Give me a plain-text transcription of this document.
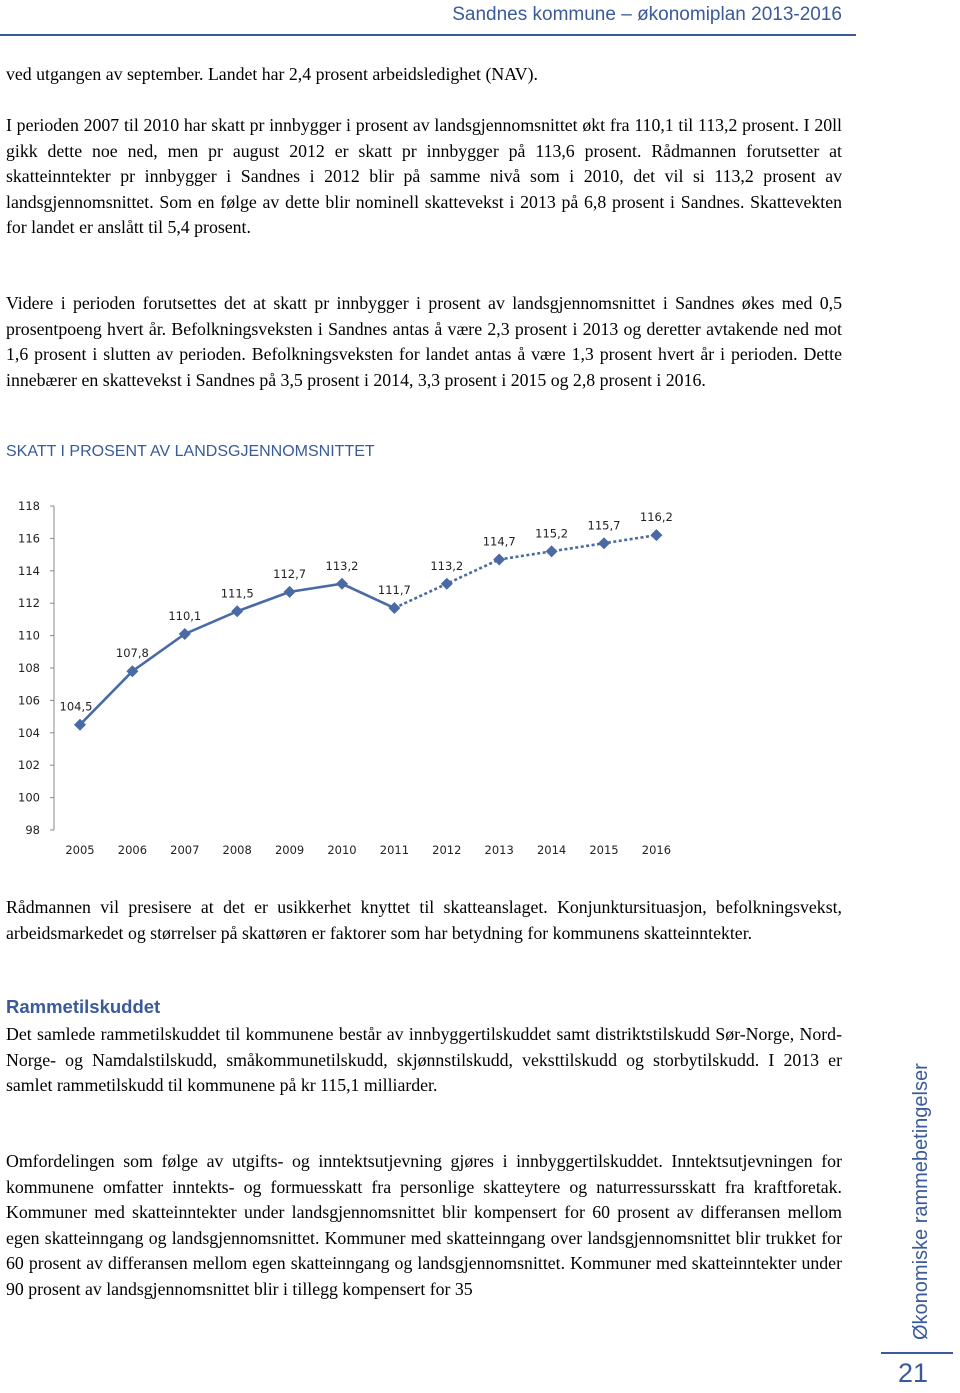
Sandnes kommune – økonomiplan 2013-2016

ved utgangen av september. Landet har 2,4 prosent arbeidsledighet (NAV).

I perioden 2007 til 2010 har skatt pr innbygger i prosent av landsgjennomsnittet økt fra 110,1 til 113,2 prosent. I 20ll gikk dette noe ned, men pr august 2012 er skatt pr innbygger på 113,6 prosent. Rådmannen forutsetter at skatteinntekter pr innbygger i Sandnes i 2012 blir på samme nivå som i 2010, det vil si 113,2 prosent av landsgjennomsnittet. Som en følge av dette blir nominell skattevekst i 2013 på 6,8 prosent i Sandnes. Skattevekten for landet er anslått til 5,4 prosent.

Videre i perioden forutsettes det at skatt pr innbygger i prosent av landsgjennomsnittet i Sandnes økes med 0,5 prosentpoeng hvert år. Befolkningsveksten i Sandnes antas å være 2,3 prosent i 2013 og deretter avtakende ned mot 1,6 prosent i slutten av perioden. Befolkningsveksten for landet antas å være 1,3 prosent hvert år i perioden. Dette innebærer en skattevekst i Sandnes på 3,5 prosent i 2014, 3,3 prosent i 2015 og 2,8 prosent i 2016.

SKATT I PROSENT AV LANDSGJENNOMSNITTET
98
100
102
104
106
108
110
112
114
116
118
2005 2006 2007 2008 2009 2010 2011 2012 2013 2014 2015 2016
104,5
107,8
110,1
111,5
112,7
113,2
111,7
113,2
114,7
115,2
115,7
116,2

Rådmannen vil presisere at det er usikkerhet knyttet til skatteanslaget. Konjunktursituasjon, befolkningsvekst, arbeidsmarkedet og størrelser på skattøren er faktorer som har betydning for kommunens skatteinntekter.

Rammetilskuddet

Det samlede rammetilskuddet til kommunene består av innbyggertilskuddet samt distriktstilskudd Sør-Norge, Nord-Norge- og Namdalstilskudd, småkommunetilskudd, skjønnstilskudd, veksttilskudd og storbytilskudd. I 2013 er samlet rammetilskudd til kommunene på kr 115,1 milliarder.

Omfordelingen som følge av utgifts- og inntektsutjevning gjøres i innbyggertilskuddet. Inntektsutjevningen for kommunene omfatter inntekts- og formuesskatt fra personlige skatteytere og naturressursskatt fra kraftforetak. Kommuner med skatteinntekter under landsgjennomsnittet blir kompensert for 60 prosent av differansen mellom egen skatteinngang og landsgjennomsnittet. Kommuner med skatteinngang over landsgjennomsnittet blir trukket for 60 prosent av differansen mellom egen skatteinngang og landsgjennomsnittet. Kommuner med skatteinntekter under 90 prosent av landsgjennomsnittet blir i tillegg kompensert for 35	Økonomiske rammebetingelser
21
